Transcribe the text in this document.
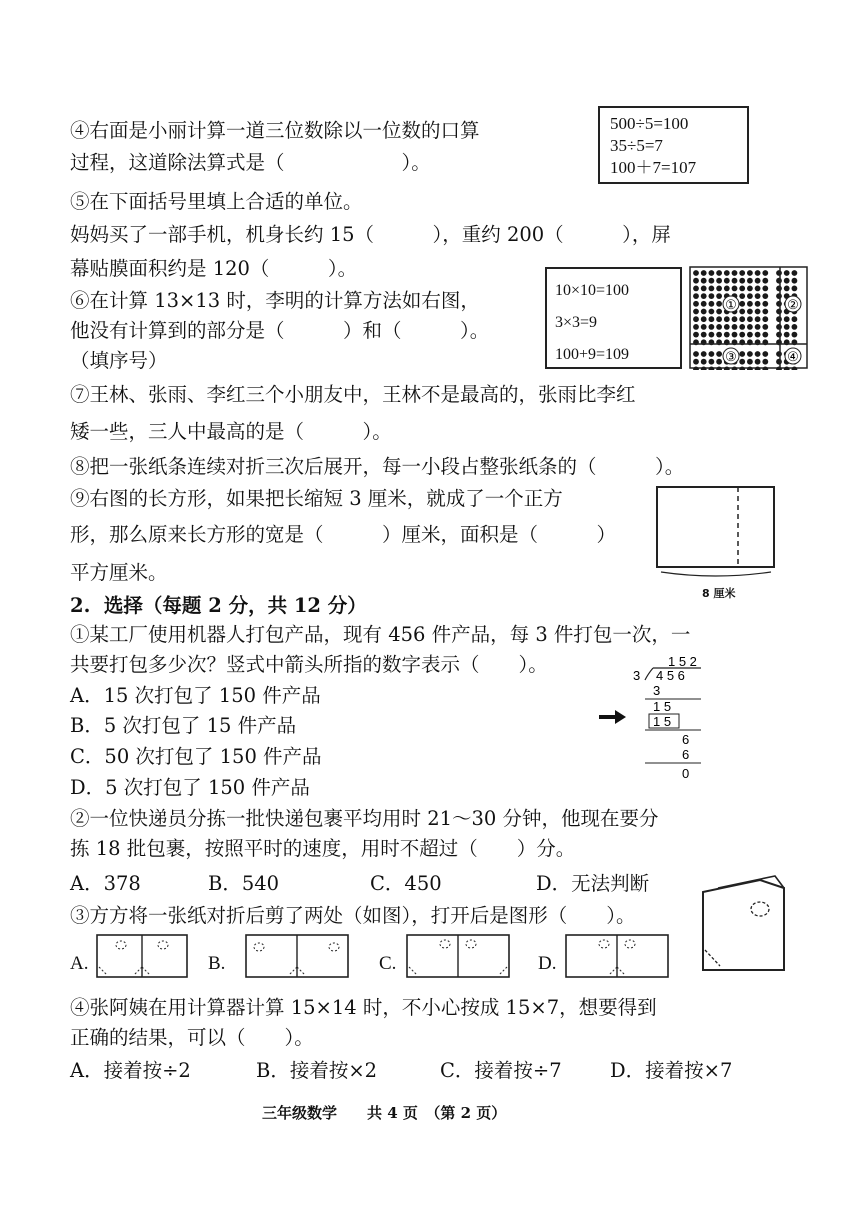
④右面是小丽计算一道三位数除以一位数的口算
过程，这道除法算式是（　　　　　　）。
500÷5=100
35÷5=7
100＋7=107
⑤在下面括号里填上合适的单位。
妈妈买了一部手机，机身长约 15（　　　），重约 200（　　　），屏
幕贴膜面积约是 120（　　　）。
⑥在计算 13×13 时，李明的计算方法如右图，
他没有计算到的部分是（　　　）和（　　　）。
（填序号）
10×10=100
3×3=9
100+9=109
①	②
③	④
⑦王林、张雨、李红三个小朋友中，王林不是最高的，张雨比李红
矮一些，三人中最高的是（　　　）。
⑧把一张纸条连续对折三次后展开，每一小段占整张纸条的（　　　）。
⑨右图的长方形，如果把长缩短 3 厘米，就成了一个正方
形，那么原来长方形的宽是（　　　）厘米，面积是（　　　）
平方厘米。
8 厘米
2.  选择（每题 2 分，共 12 分）
①某工厂使用机器人打包产品，现有 456 件产品，每 3 件打包一次，一
共要打包多少次？竖式中箭头所指的数字表示（　　）。
A．15 次打包了 150 件产品
B．5 次打包了 15 件产品
C．50 次打包了 150 件产品
D．5 次打包了 150 件产品
1 5 2
3 4 5 6
3
1 5
1 5
6
6
0
②一位快递员分拣一批快递包裹平均用时 21～30 分钟，他现在要分
拣 18 批包裹，按照平时的速度，用时不超过（　　）分。
A．378	B．540	C．450	D．无法判断
③方方将一张纸对折后剪了两处（如图），打开后是图形（　　）。
A.	B.	C.	D.
④张阿姨在用计算器计算 15×14 时，不小心按成 15×7，想要得到
正确的结果，可以（　　）。
A．接着按÷2	B．接着按×2	C．接着按÷7 D．接着按×7
三年级数学　　共 4 页　（第 2 页）
